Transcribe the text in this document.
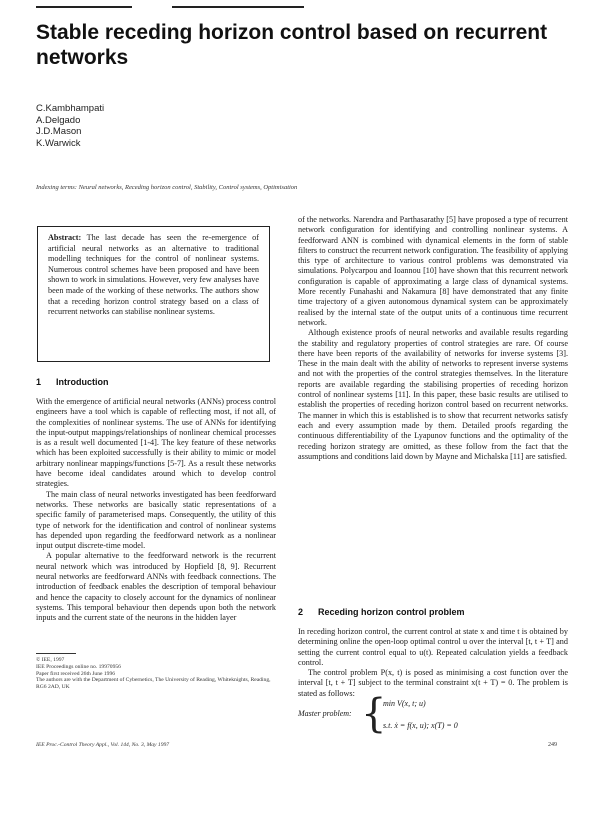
Stable receding horizon control based on recurrent networks
C.Kambhampati
A.Delgado
J.D.Mason
K.Warwick
Indexing terms: Neural networks, Receding horizon control, Stability, Control systems, Optimisation
Abstract: The last decade has seen the re-emergence of artificial neural networks as an alternative to traditional modelling techniques for the control of nonlinear systems. Numerous control schemes have been proposed and have been shown to work in simulations. However, very few analyses have been made of the working of these networks. The authors show that a receding horizon control strategy based on a class of recurrent networks can stabilise nonlinear systems.
1 Introduction

With the emergence of artificial neural networks (ANNs) process control engineers have a tool which is capable of reflecting most, if not all, of the complexities of nonlinear systems. The use of ANNs for identifying the input-output mappings/relationships of nonlinear chemical processes is as a result well documented [1-4]. The key feature of these networks which has been exploited successfully is their ability to mimic or model arbitrary nonlinear mappings/functions [5-7]. As a result these networks have become ideal candidates around which to develop control strategies.

The main class of neural networks investigated has been feedforward networks. These networks are basically static representations of a specific family of parameterised maps. Consequently, the utility of this type of network for the identification and control of nonlinear systems has depended upon regarding the feedforward network as a nonlinear input output discrete-time model.

A popular alternative to the feedforward network is the recurrent neural network which was introduced by Hopfield [8, 9]. Recurrent neural networks are feedforward ANNs with feedback connections. The introduction of feedback enables the description of temporal behaviour and hence the capacity to closely account for the dynamics of nonlinear systems. This temporal behaviour then depends upon both the network inputs and the current state of the neurons in the hidden layer

© IEE, 1997
IEE Proceedings online no. 19970956
Paper first received 26th June 1996
The authors are with the Department of Cybernetics, The University of Reading, Whiteknights, Reading, RG6 2AD, UK

of the networks. Narendra and Parthasarathy [5] have proposed a type of recurrent network configuration for identifying and controlling nonlinear systems. A feedforward ANN is combined with dynamical elements in the form of stable filters to construct the recurrent network configuration. The feasibility of applying this type of architecture to various control problems was demonstrated via simulations. Polycarpou and Ioannou [10] have shown that this recurrent network configuration is capable of approximating a large class of dynamical systems. More recently Funahashi and Nakamura [8] have demonstrated that any finite time trajectory of a given autonomous dynamical system can be approximately realised by the internal state of the output units of a continuous time recurrent network.

Although existence proofs of neural networks and available results regarding the stability and regulatory properties of control strategies are rare. Of course there have been reports of the availability of networks for inverse systems [3]. These in the main dealt with the ability of networks to represent inverse systems and not with the properties of the control strategies themselves. In the literature reports are available regarding the stabilising properties of receding horizon control of nonlinear systems [11]. In this paper, these basic results are utilised to establish the properties of receding horizon control based on recurrent networks. The manner in which this is established is to show that recurrent networks satisfy each and every assumption made by them. Detailed proofs regarding the continuous differentiability of the Lyapunov functions and the optimality of the receding horizon strategy are omitted, as these follow from the fact that the assumptions and conditions laid down by Mayne and Michalska [11] are satisfied.

2 Receding horizon control problem

In receding horizon control, the current control at state x and time t is obtained by determining online the open-loop optimal control u over the interval [t, t + T] and setting the current control equal to u(t). Repeated calculation yields a feedback control.

The control problem P(x, t) is posed as minimising a cost function over the interval [t, t + T] subject to the terminal constraint x(t + T) = 0. The problem is stated as follows:

Master problem: {
min V(x, t; u)
s.t. ẋ = f(x, u); x(T) = 0
IEE Proc.-Control Theory Appl., Vol. 144, No. 3, May 1997	249
